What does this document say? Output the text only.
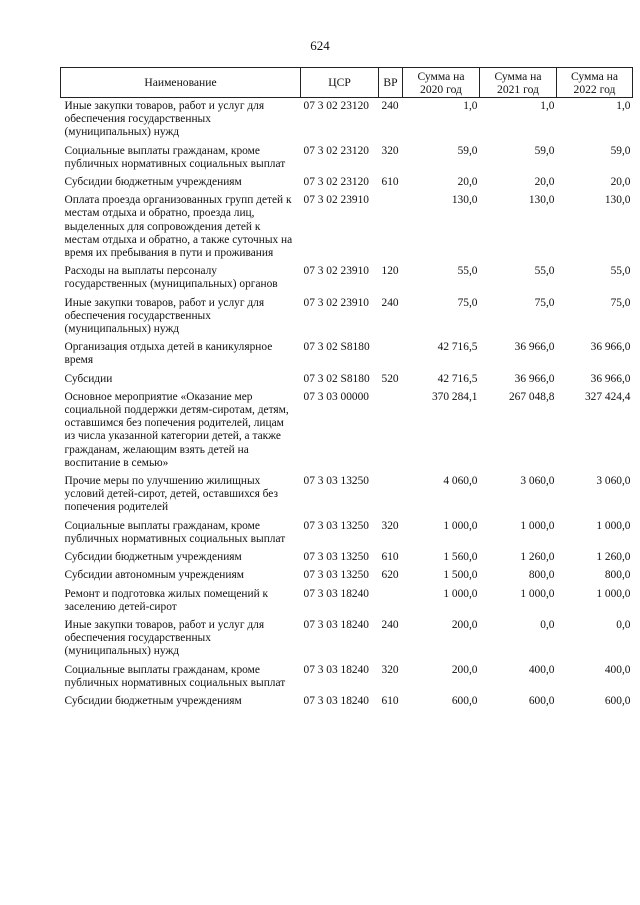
624
Наименование	ЦСР	ВР	Сумма на 2020 год	Сумма на 2021 год	Сумма на 2022 год
Иные закупки товаров, работ и услуг для обеспечения государственных (муниципальных) нужд	07 3 02 23120	240	1,0	1,0	1,0
Социальные выплаты гражданам, кроме публичных нормативных социальных выплат	07 3 02 23120	320	59,0	59,0	59,0
Субсидии бюджетным учреждениям	07 3 02 23120	610	20,0	20,0	20,0
Оплата проезда организованных групп детей к местам отдыха и обратно, проезда лиц, выделенных для сопровождения детей к местам отдыха и обратно, а также суточных на время их пребывания в пути и проживания	07 3 02 23910		130,0	130,0	130,0
Расходы на выплаты персоналу государственных (муниципальных) органов	07 3 02 23910	120	55,0	55,0	55,0
Иные закупки товаров, работ и услуг для обеспечения государственных (муниципальных) нужд	07 3 02 23910	240	75,0	75,0	75,0
Организация отдыха детей в каникулярное время	07 3 02 S8180		42 716,5	36 966,0	36 966,0
Субсидии	07 3 02 S8180	520	42 716,5	36 966,0	36 966,0
Основное мероприятие «Оказание мер социальной поддержки детям-сиротам, детям, оставшимся без попечения родителей, лицам из числа указанной категории детей, а также гражданам, желающим взять детей на воспитание в семью»	07 3 03 00000		370 284,1	267 048,8	327 424,4
Прочие меры по улучшению жилищных условий детей-сирот, детей, оставшихся без попечения родителей	07 3 03 13250		4 060,0	3 060,0	3 060,0
Социальные выплаты гражданам, кроме публичных нормативных социальных выплат	07 3 03 13250	320	1 000,0	1 000,0	1 000,0
Субсидии бюджетным учреждениям	07 3 03 13250	610	1 560,0	1 260,0	1 260,0
Субсидии автономным учреждениям	07 3 03 13250	620	1 500,0	800,0	800,0
Ремонт и подготовка жилых помещений к заселению детей-сирот	07 3 03 18240		1 000,0	1 000,0	1 000,0
Иные закупки товаров, работ и услуг для обеспечения государственных (муниципальных) нужд	07 3 03 18240	240	200,0	0,0	0,0
Социальные выплаты гражданам, кроме публичных нормативных социальных выплат	07 3 03 18240	320	200,0	400,0	400,0
Субсидии бюджетным учреждениям	07 3 03 18240	610	600,0	600,0	600,0
